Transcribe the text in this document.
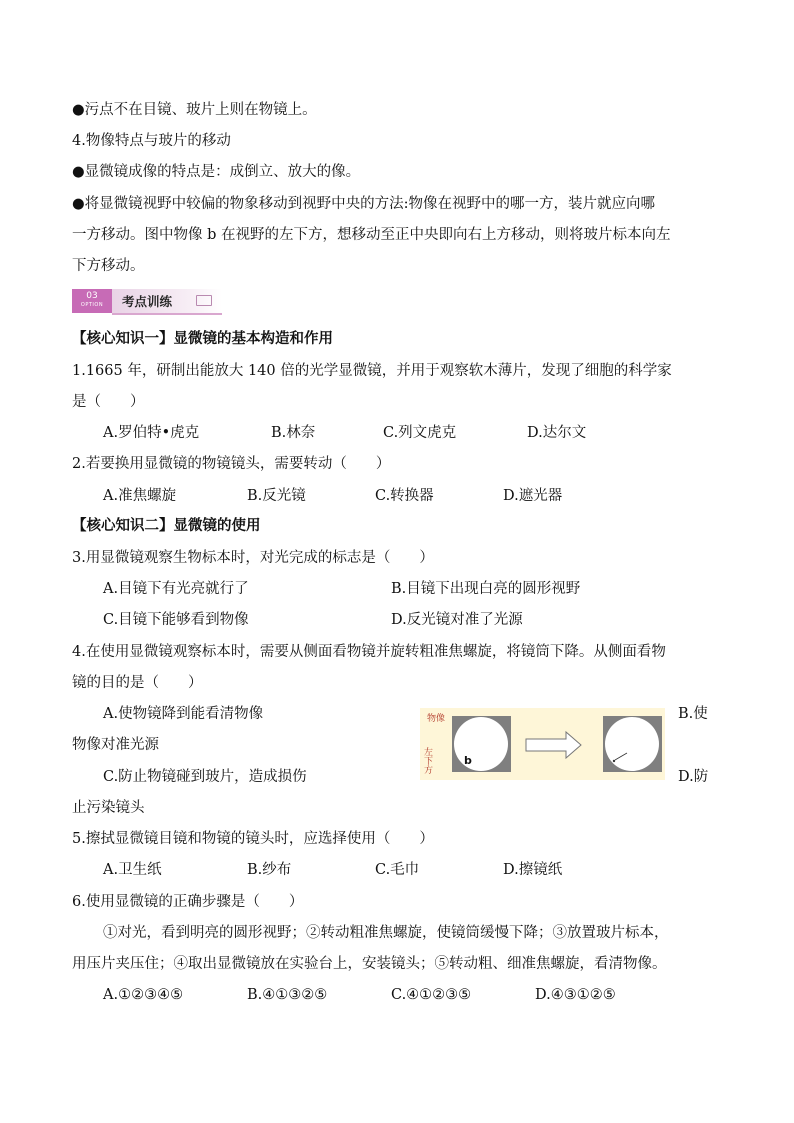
●污点不在目镜、玻片上则在物镜上。
4.物像特点与玻片的移动
●显微镜成像的特点是：成倒立、放大的像。
●将显微镜视野中较偏的物象移动到视野中央的方法:物像在视野中的哪一方，装片就应向哪
一方移动。图中物像 b 在视野的左下方，想移动至正中央即向右上方移动，则将玻片标本向左
下方移动。
03
OPTION	考点训练
【核心知识一】显微镜的基本构造和作用
1.1665 年，研制出能放大 140 倍的光学显微镜，并用于观察软木薄片，发现了细胞的科学家
是（　　）
A.罗伯特•虎克	B.林奈	C.列文虎克	D.达尔文
2.若要换用显微镜的物镜镜头，需要转动（　　）
A.准焦螺旋	B.反光镜	C.转换器	D.遮光器
【核心知识二】显微镜的使用
3.用显微镜观察生物标本时，对光完成的标志是（　　）
A.目镜下有光亮就行了	B.目镜下出现白亮的圆形视野
C.目镜下能够看到物像	D.反光镜对准了光源
4.在使用显微镜观察标本时，需要从侧面看物镜并旋转粗准焦螺旋，将镜筒下降。从侧面看物
镜的目的是（　　）
A.使物镜降到能看清物像	B.使
物像对准光源
C.防止物镜碰到玻片，造成损伤	D.防
止污染镜头
物像
左下方	b
5.擦拭显微镜目镜和物镜的镜头时，应选择使用（　　）
A.卫生纸	B.纱布	C.毛巾	D.擦镜纸
6.使用显微镜的正确步骤是（　　）
①对光，看到明亮的圆形视野；②转动粗准焦螺旋，使镜筒缓慢下降；③放置玻片标本，
用压片夹压住；④取出显微镜放在实验台上，安装镜头；⑤转动粗、细准焦螺旋，看清物像。
A.①②③④⑤	B.④①③②⑤	C.④①②③⑤	D.④③①②⑤
